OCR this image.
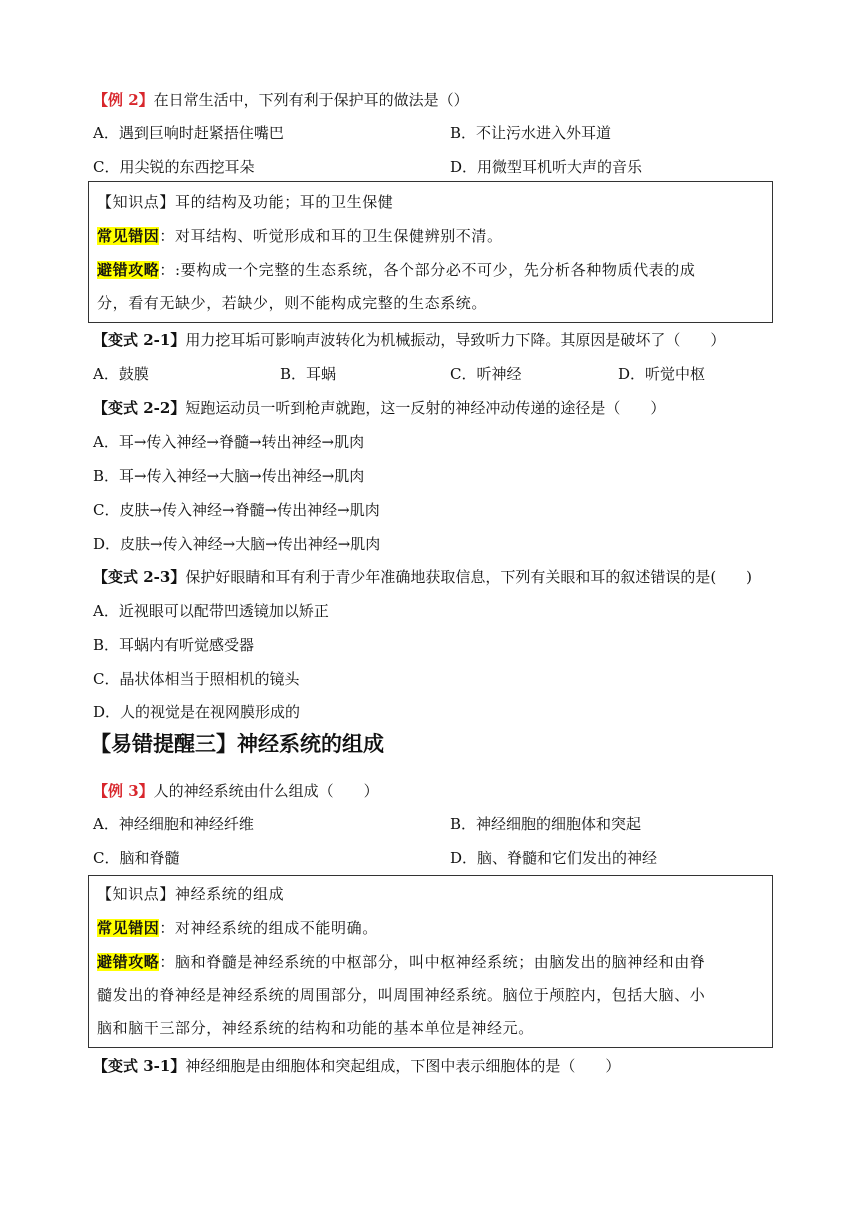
【例 2】在日常生活中，下列有利于保护耳的做法是（）
A．遇到巨响时赶紧捂住嘴巴	B．不让污水进入外耳道
C．用尖锐的东西挖耳朵	D．用微型耳机听大声的音乐
【知识点】耳的结构及功能；耳的卫生保健
常见错因：对耳结构、听觉形成和耳的卫生保健辨别不清。
避错攻略：:要构成一个完整的生态系统，各个部分必不可少，先分析各种物质代表的成
分，看有无缺少，若缺少，则不能构成完整的生态系统。
【变式 2-1】用力挖耳垢可影响声波转化为机械振动，导致听力下降。其原因是破坏了（　　）
A．鼓膜	B．耳蜗	C．听神经	D．听觉中枢
【变式 2-2】短跑运动员一听到枪声就跑，这一反射的神经冲动传递的途径是（　　）
A．耳→传入神经→脊髓→转出神经→肌肉
B．耳→传入神经→大脑→传出神经→肌肉
C．皮肤→传入神经→脊髓→传出神经→肌肉
D．皮肤→传入神经→大脑→传出神经→肌肉
【变式 2-3】保护好眼睛和耳有利于青少年准确地获取信息，下列有关眼和耳的叙述错误的是(　　)
A．近视眼可以配带凹透镜加以矫正
B．耳蜗内有听觉感受器
C．晶状体相当于照相机的镜头
D．人的视觉是在视网膜形成的
【易错提醒三】神经系统的组成
【例 3】人的神经系统由什么组成（　　）
A．神经细胞和神经纤维	B．神经细胞的细胞体和突起
C．脑和脊髓	D．脑、脊髓和它们发出的神经
【知识点】神经系统的组成
常见错因：对神经系统的组成不能明确。
避错攻略：脑和脊髓是神经系统的中枢部分，叫中枢神经系统；由脑发出的脑神经和由脊
髓发出的脊神经是神经系统的周围部分，叫周围神经系统。脑位于颅腔内，包括大脑、小
脑和脑干三部分，神经系统的结构和功能的基本单位是神经元。
【变式 3-1】神经细胞是由细胞体和突起组成，下图中表示细胞体的是（　　）
